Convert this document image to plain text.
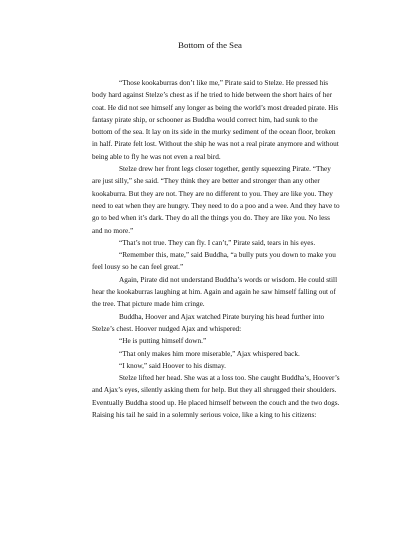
Bottom of the Sea

“Those kookaburras don’t like me,” Pirate said to Stelze. He pressed his body hard against Stelze’s chest as if he tried to hide between the short hairs of her coat. He did not see himself any longer as being the world’s most dreaded pirate. His fantasy pirate ship, or schooner as Buddha would correct him, had sunk to the bottom of the sea. It lay on its side in the murky sediment of the ocean floor, broken in half. Pirate felt lost. Without the ship he was not a real pirate anymore and without being able to fly he was not even a real bird.

Stelze drew her front legs closer together, gently squeezing Pirate. “They are just silly,” she said. “They think they are better and stronger than any other kookaburra. But they are not. They are no different to you. They are like you. They need to eat when they are hungry. They need to do a poo and a wee. And they have to go to bed when it’s dark. They do all the things you do. They are like you. No less and no more.”

“That’s not true. They can fly. I can’t,” Pirate said, tears in his eyes.

“Remember this, mate,” said Buddha, “a bully puts you down to make you feel lousy so he can feel great.”

Again, Pirate did not understand Buddha’s words or wisdom. He could still hear the kookaburras laughing at him. Again and again he saw himself falling out of the tree. That picture made him cringe.

Buddha, Hoover and Ajax watched Pirate burying his head further into Stelze’s chest. Hoover nudged Ajax and whispered:

“He is putting himself down.”

“That only makes him more miserable,” Ajax whispered back.

“I know,” said Hoover to his dismay.

Stelze lifted her head. She was at a loss too. She caught Buddha’s, Hoover’s and Ajax’s eyes, silently asking them for help. But they all shrugged their shoulders. Eventually Buddha stood up. He placed himself between the couch and the two dogs. Raising his tail he said in a solemnly serious voice, like a king to his citizens:
